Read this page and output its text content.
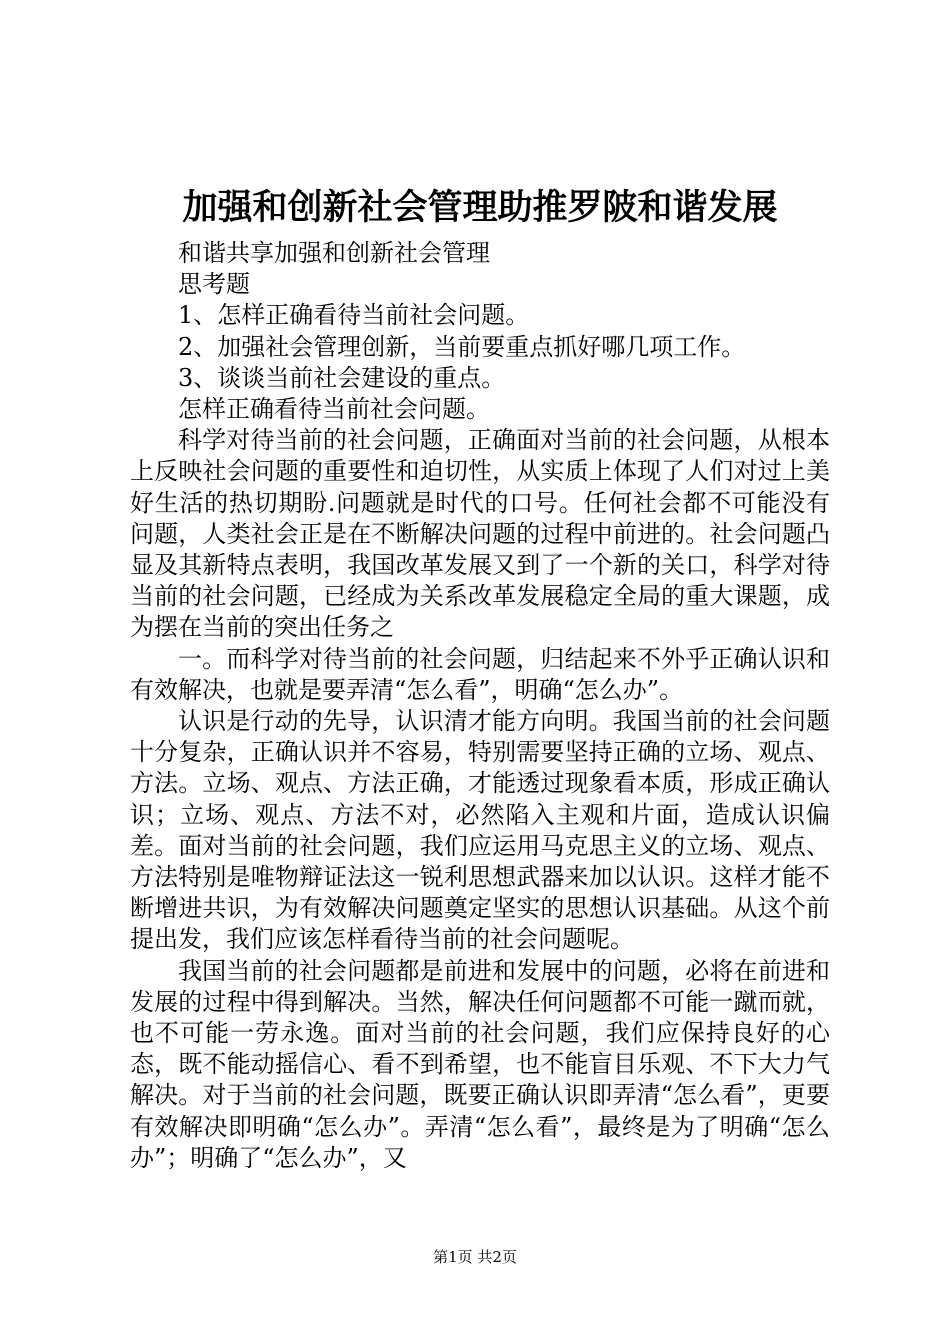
加强和创新社会管理助推罗陂和谐发展

和谐共享加强和创新社会管理

思考题

1、怎样正确看待当前社会问题。

2、加强社会管理创新，当前要重点抓好哪几项工作。

3、谈谈当前社会建设的重点。

怎样正确看待当前社会问题。

科学对待当前的社会问题，正确面对当前的社会问题，从根本上反映社会问题的重要性和迫切性，从实质上体现了人们对过上美好生活的热切期盼.问题就是时代的口号。任何社会都不可能没有问题，人类社会正是在不断解决问题的过程中前进的。社会问题凸显及其新特点表明，我国改革发展又到了一个新的关口，科学对待当前的社会问题，已经成为关系改革发展稳定全局的重大课题，成为摆在当前的突出任务之

一。而科学对待当前的社会问题，归结起来不外乎正确认识和有效解决，也就是要弄清“怎么看”，明确“怎么办”。

认识是行动的先导，认识清才能方向明。我国当前的社会问题十分复杂，正确认识并不容易，特别需要坚持正确的立场、观点、方法。立场、观点、方法正确，才能透过现象看本质，形成正确认识；立场、观点、方法不对，必然陷入主观和片面，造成认识偏差。面对当前的社会问题，我们应运用马克思主义的立场、观点、方法特别是唯物辩证法这一锐利思想武器来加以认识。这样才能不断增进共识，为有效解决问题奠定坚实的思想认识基础。从这个前提出发，我们应该怎样看待当前的社会问题呢。

我国当前的社会问题都是前进和发展中的问题，必将在前进和发展的过程中得到解决。当然，解决任何问题都不可能一蹴而就，也不可能一劳永逸。面对当前的社会问题，我们应保持良好的心态，既不能动摇信心、看不到希望，也不能盲目乐观、不下大力气解决。对于当前的社会问题，既要正确认识即弄清“怎么看”，更要有效解决即明确“怎么办”。弄清“怎么看”，最终是为了明确“怎么办”；明确了“怎么办”，又

第1页 共2页
